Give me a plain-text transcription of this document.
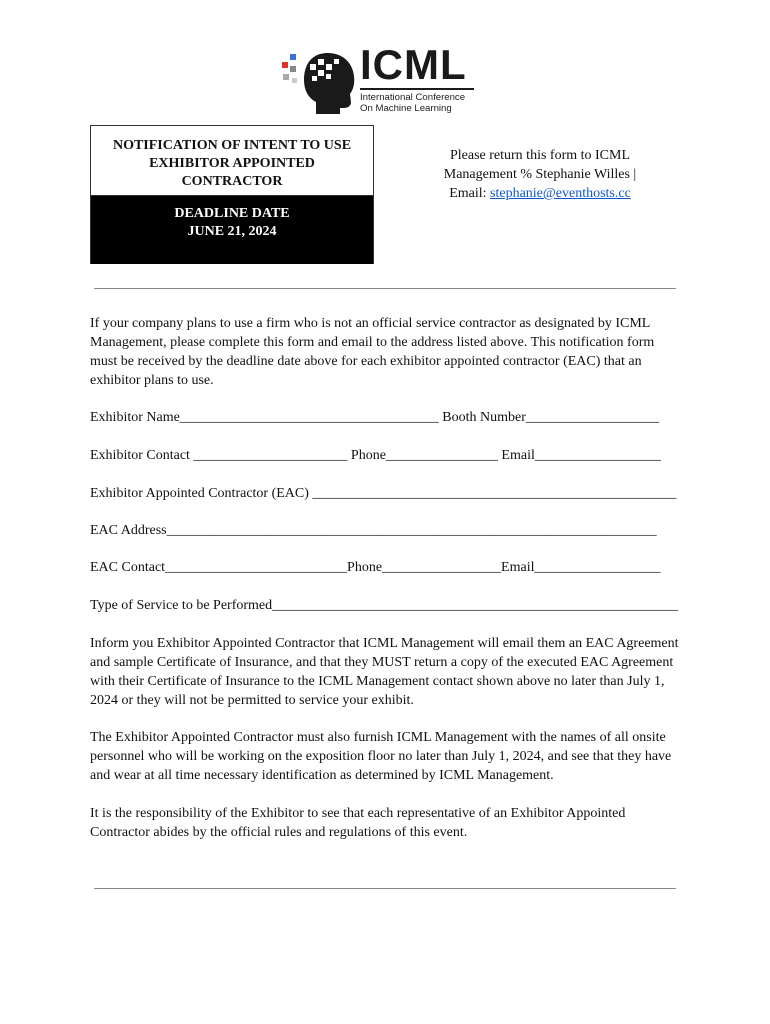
ICML
International Conference
On Machine Learning
NOTIFICATION OF INTENT TO USE
EXHIBITOR APPOINTED
CONTRACTOR
DEADLINE DATE
JUNE 21, 2024
Please return this form to ICML
Management % Stephanie Willes |
Email: stephanie@eventhosts.cc
If your company plans to use a firm who is not an official service contractor as designated by ICML Management, please complete this form and email to the address listed above. This notification form must be received by the deadline date above for each exhibitor appointed contractor (EAC) that an exhibitor plans to use.
Exhibitor Name_____________________________________ Booth Number___________________
Exhibitor Contact ______________________ Phone________________ Email__________________
Exhibitor Appointed Contractor (EAC) ____________________________________________________
EAC Address______________________________________________________________________
EAC Contact__________________________Phone_________________Email__________________
Type of Service to be Performed__________________________________________________________
Inform you Exhibitor Appointed Contractor that ICML Management will email them an EAC Agreement and sample Certificate of Insurance, and that they MUST return a copy of the executed EAC Agreement with their Certificate of Insurance to the ICML Management contact shown above no later than July 1, 2024 or they will not be permitted to service your exhibit.
The Exhibitor Appointed Contractor must also furnish ICML Management with the names of all onsite personnel who will be working on the exposition floor no later than July 1, 2024, and see that they have and wear at all time necessary identification as determined by ICML Management.
It is the responsibility of the Exhibitor to see that each representative of an Exhibitor Appointed Contractor abides by the official rules and regulations of this event.
